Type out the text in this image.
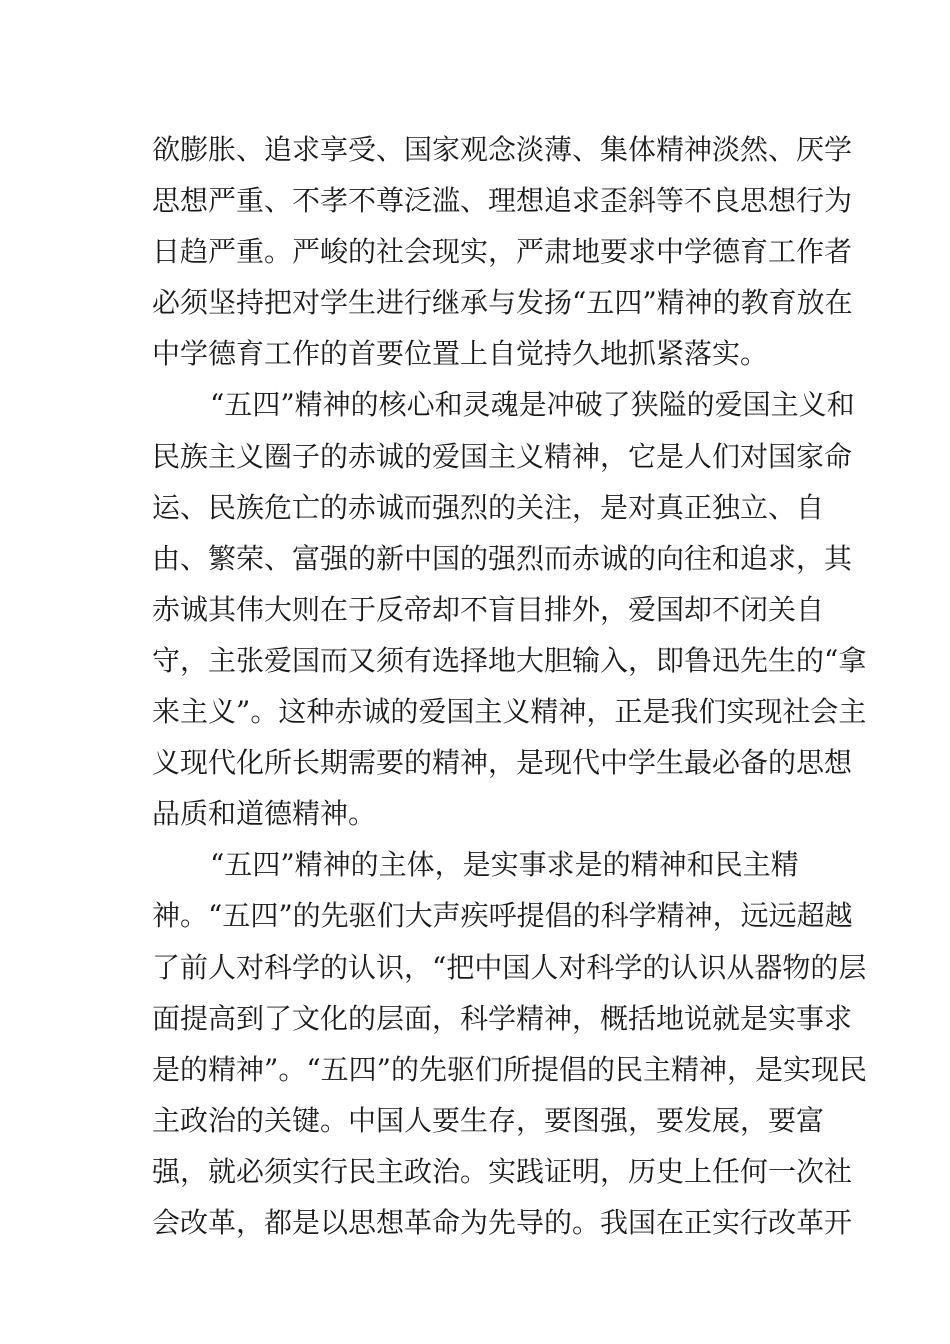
欲膨胀、追求享受、国家观念淡薄、集体精神淡然、厌学
思想严重、不孝不尊泛滥、理想追求歪斜等不良思想行为
日趋严重。严峻的社会现实，严肃地要求中学德育工作者
必须坚持把对学生进行继承与发扬“五四”精神的教育放在
中学德育工作的首要位置上自觉持久地抓紧落实。
“五四”精神的核心和灵魂是冲破了狭隘的爱国主义和
民族主义圈子的赤诚的爱国主义精神，它是人们对国家命
运、民族危亡的赤诚而强烈的关注，是对真正独立、自
由、繁荣、富强的新中国的强烈而赤诚的向往和追求，其
赤诚其伟大则在于反帝却不盲目排外，爱国却不闭关自
守，主张爱国而又须有选择地大胆输入，即鲁迅先生的“拿
来主义”。这种赤诚的爱国主义精神，正是我们实现社会主
义现代化所长期需要的精神，是现代中学生最必备的思想
品质和道德精神。
“五四”精神的主体，是实事求是的精神和民主精
神。“五四”的先驱们大声疾呼提倡的科学精神，远远超越
了前人对科学的认识，“把中国人对科学的认识从器物的层
面提高到了文化的层面，科学精神，概括地说就是实事求
是的精神”。“五四”的先驱们所提倡的民主精神，是实现民
主政治的关键。中国人要生存，要图强，要发展，要富
强，就必须实行民主政治。实践证明，历史上任何一次社
会改革，都是以思想革命为先导的。我国在正实行改革开
